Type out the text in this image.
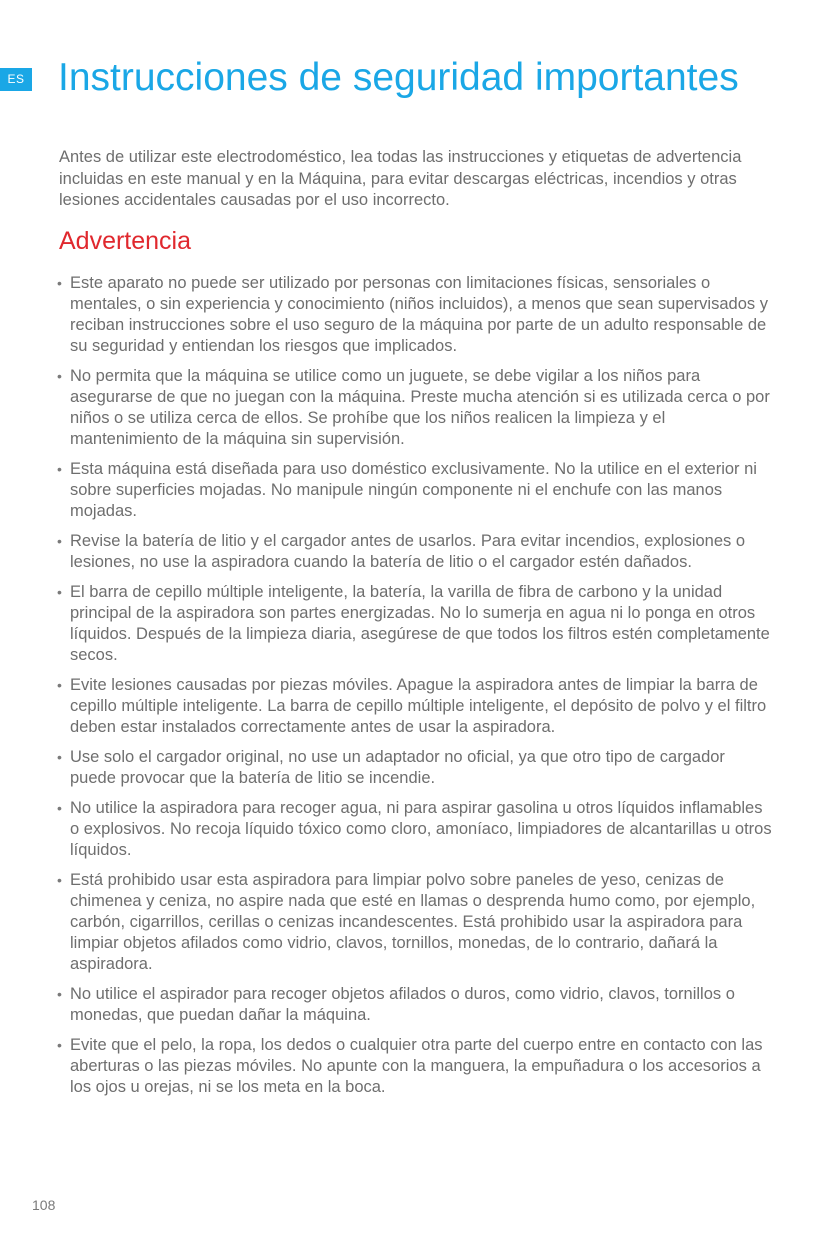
ES Instrucciones de seguridad importantes

Antes de utilizar este electrodoméstico, lea todas las instrucciones y etiquetas de advertencia incluidas en este manual y en la Máquina, para evitar descargas eléctricas, incendios y otras lesiones accidentales causadas por el uso incorrecto.

Advertencia
• Este aparato no puede ser utilizado por personas con limitaciones físicas, sensoriales o mentales, o sin experiencia y conocimiento (niños incluidos), a menos que sean supervisados y reciban instrucciones sobre el uso seguro de la máquina por parte de un adulto responsable de su seguridad y entiendan los riesgos que implicados.
• No permita que la máquina se utilice como un juguete, se debe vigilar a los niños para asegurarse de que no juegan con la máquina. Preste mucha atención si es utilizada cerca o por niños o se utiliza cerca de ellos. Se prohíbe que los niños realicen la limpieza y el mantenimiento de la máquina sin supervisión.
• Esta máquina está diseñada para uso doméstico exclusivamente. No la utilice en el exterior ni sobre superficies mojadas. No manipule ningún componente ni el enchufe con las manos mojadas.
• Revise la batería de litio y el cargador antes de usarlos. Para evitar incendios, explosiones o lesiones, no use la aspiradora cuando la batería de litio o el cargador estén dañados.
• El barra de cepillo múltiple inteligente, la batería, la varilla de fibra de carbono y la unidad principal de la aspiradora son partes energizadas. No lo sumerja en agua ni lo ponga en otros líquidos. Después de la limpieza diaria, asegúrese de que todos los filtros estén completamente secos.
• Evite lesiones causadas por piezas móviles. Apague la aspiradora antes de limpiar la barra de cepillo múltiple inteligente. La barra de cepillo múltiple inteligente, el depósito de polvo y el filtro deben estar instalados correctamente antes de usar la aspiradora.
• Use solo el cargador original, no use un adaptador no oficial, ya que otro tipo de cargador puede provocar que la batería de litio se incendie.
• No utilice la aspiradora para recoger agua, ni para aspirar gasolina u otros líquidos inflamables o explosivos. No recoja líquido tóxico como cloro, amoníaco, limpiadores de alcantarillas u otros líquidos.
• Está prohibido usar esta aspiradora para limpiar polvo sobre paneles de yeso, cenizas de chimenea y ceniza, no aspire nada que esté en llamas o desprenda humo como, por ejemplo, carbón, cigarrillos, cerillas o cenizas incandescentes. Está prohibido usar la aspiradora para limpiar objetos afilados como vidrio, clavos, tornillos, monedas, de lo contrario, dañará la aspiradora.
• No utilice el aspirador para recoger objetos afilados o duros, como vidrio, clavos, tornillos o monedas, que puedan dañar la máquina.
• Evite que el pelo, la ropa, los dedos o cualquier otra parte del cuerpo entre en contacto con las aberturas o las piezas móviles. No apunte con la manguera, la empuñadura o los accesorios a los ojos u orejas, ni se los meta en la boca.
108
